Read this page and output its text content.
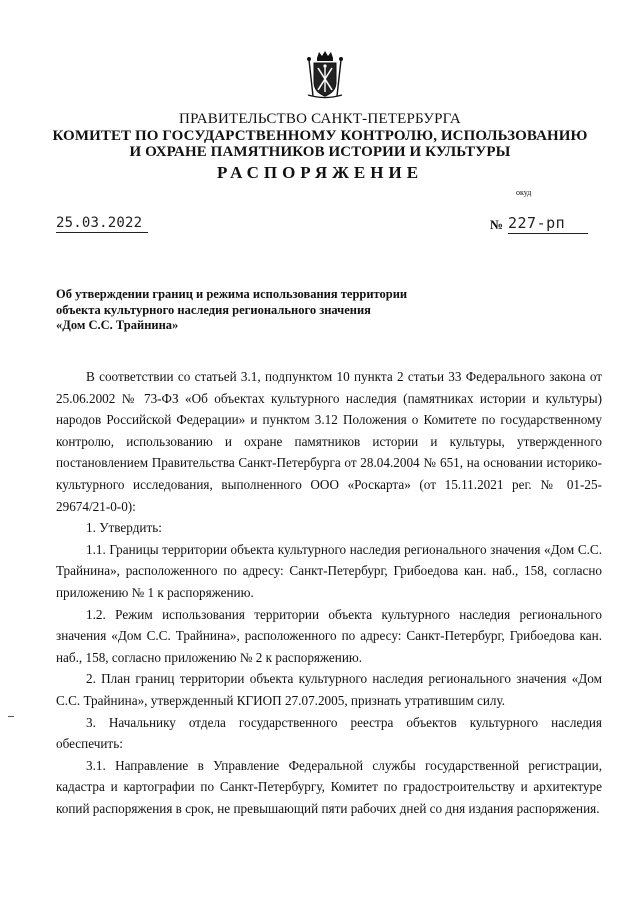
ПРАВИТЕЛЬСТВО САНКТ-ПЕТЕРБУРГА
КОМИТЕТ ПО ГОСУДАРСТВЕННОМУ КОНТРОЛЮ, ИСПОЛЬЗОВАНИЮ
И ОХРАНЕ ПАМЯТНИКОВ ИСТОРИИ И КУЛЬТУРЫ
РАСПОРЯЖЕНИЕ
окуд
25.03.2022	№ 227-рп
Об утверждении границ и режима использования территории
объекта культурного наследия регионального значения
«Дом С.С. Трайнина»

В соответствии со статьей 3.1, подпунктом 10 пункта 2 статьи 33 Федерального закона от 25.06.2002 № 73-ФЗ «Об объектах культурного наследия (памятниках истории и культуры) народов Российской Федерации» и пунктом 3.12 Положения о Комитете по государственному контролю, использованию и охране памятников истории и культуры, утвержденного постановлением Правительства Санкт-Петербурга от 28.04.2004 № 651, на основании историко-культурного исследования, выполненного ООО «Роскарта» (от 15.11.2021 рег. № 01-25-29674/21-0-0):

1. Утвердить:

1.1. Границы территории объекта культурного наследия регионального значения «Дом С.С. Трайнина», расположенного по адресу: Санкт-Петербург, Грибоедова кан. наб., 158, согласно приложению № 1 к распоряжению.

1.2. Режим использования территории объекта культурного наследия регионального значения «Дом С.С. Трайнина», расположенного по адресу: Санкт-Петербург, Грибоедова кан. наб., 158, согласно приложению № 2 к распоряжению.

2. План границ территории объекта культурного наследия регионального значения «Дом С.С. Трайнина», утвержденный КГИОП 27.07.2005, признать утратившим силу.

3. Начальнику отдела государственного реестра объектов культурного наследия обеспечить:

3.1. Направление в Управление Федеральной службы государственной регистрации, кадастра и картографии по Санкт-Петербургу, Комитет по градостроительству и архитектуре копий распоряжения в срок, не превышающий пяти рабочих дней со дня издания распоряжения.
